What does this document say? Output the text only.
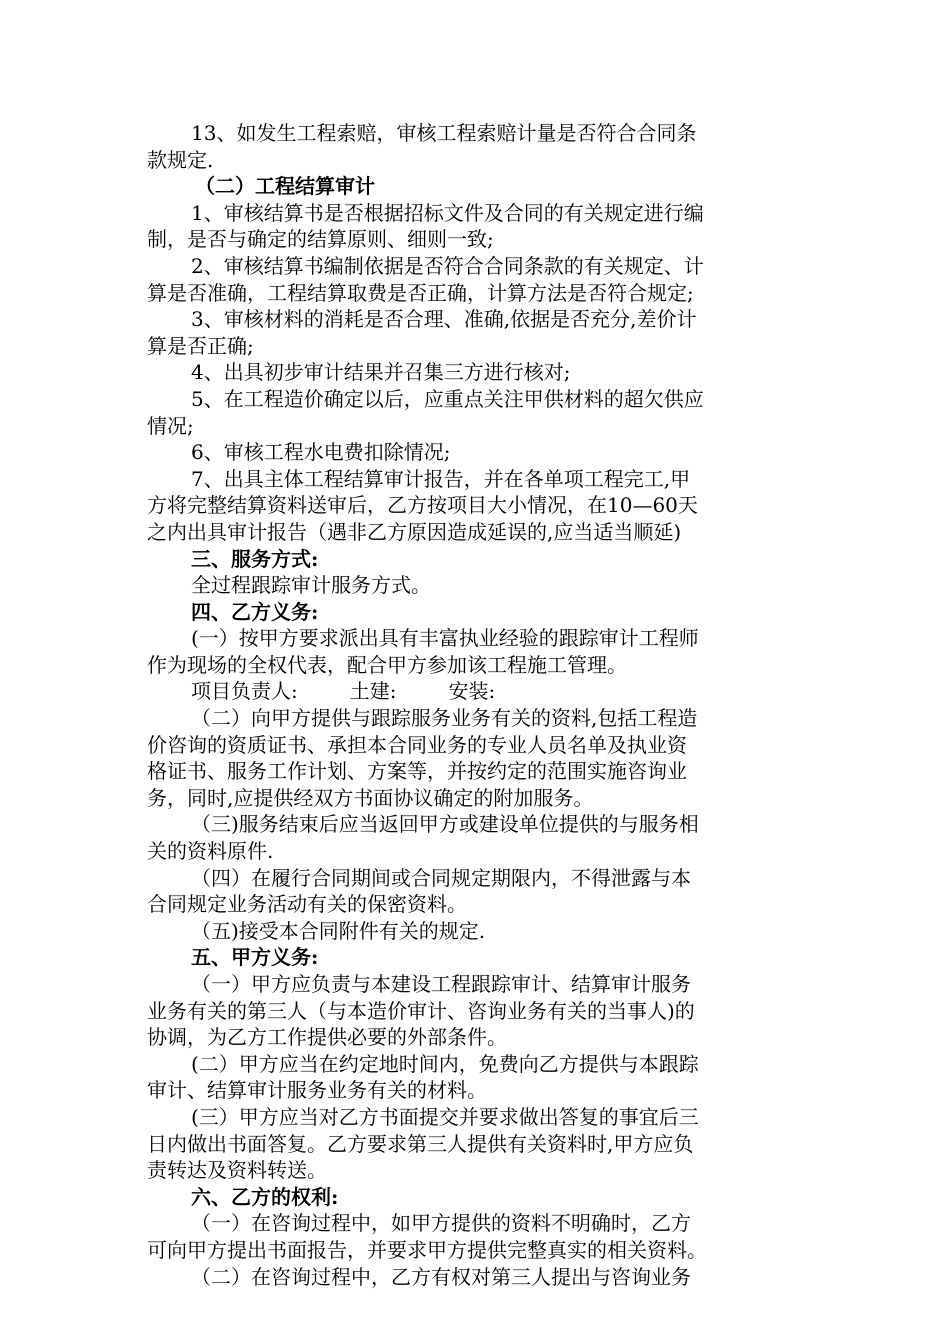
13、如发生工程索赔，审核工程索赔计量是否符合合同条
款规定.
（二）工程结算审计
1、审核结算书是否根据招标文件及合同的有关规定进行编
制，是否与确定的结算原则、细则一致;
2、审核结算书编制依据是否符合合同条款的有关规定、计
算是否准确，工程结算取费是否正确，计算方法是否符合规定;
3、审核材料的消耗是否合理、准确,依据是否充分,差价计
算是否正确;
4、出具初步审计结果并召集三方进行核对;
5、在工程造价确定以后，应重点关注甲供材料的超欠供应
情况;
6、审核工程水电费扣除情况;
7、出具主体工程结算审计报告，并在各单项工程完工,甲
方将完整结算资料送审后，乙方按项目大小情况，在10—60天
之内出具审计报告（遇非乙方原因造成延误的,应当适当顺延)
三、服务方式:
全过程跟踪审计服务方式。
四、乙方义务:
(一）按甲方要求派出具有丰富执业经验的跟踪审计工程师
作为现场的全权代表，配合甲方参加该工程施工管理。
项目负责人:	土建:	安装:
（二）向甲方提供与跟踪服务业务有关的资料,包括工程造
价咨询的资质证书、承担本合同业务的专业人员名单及执业资
格证书、服务工作计划、方案等，并按约定的范围实施咨询业
务，同时,应提供经双方书面协议确定的附加服务。
（三)服务结束后应当返回甲方或建设单位提供的与服务相
关的资料原件.
（四）在履行合同期间或合同规定期限内，不得泄露与本
合同规定业务活动有关的保密资料。
（五)接受本合同附件有关的规定.
五、甲方义务:
（一）甲方应负责与本建设工程跟踪审计、结算审计服务
业务有关的第三人（与本造价审计、咨询业务有关的当事人)的
协调，为乙方工作提供必要的外部条件。
(二）甲方应当在约定地时间内，免费向乙方提供与本跟踪
审计、结算审计服务业务有关的材料。
(三）甲方应当对乙方书面提交并要求做出答复的事宜后三
日内做出书面答复。乙方要求第三人提供有关资料时,甲方应负
责转达及资料转送。
六、乙方的权利:
（一）在咨询过程中，如甲方提供的资料不明确时，乙方
可向甲方提出书面报告，并要求甲方提供完整真实的相关资料。
（二）在咨询过程中，乙方有权对第三人提出与咨询业务
